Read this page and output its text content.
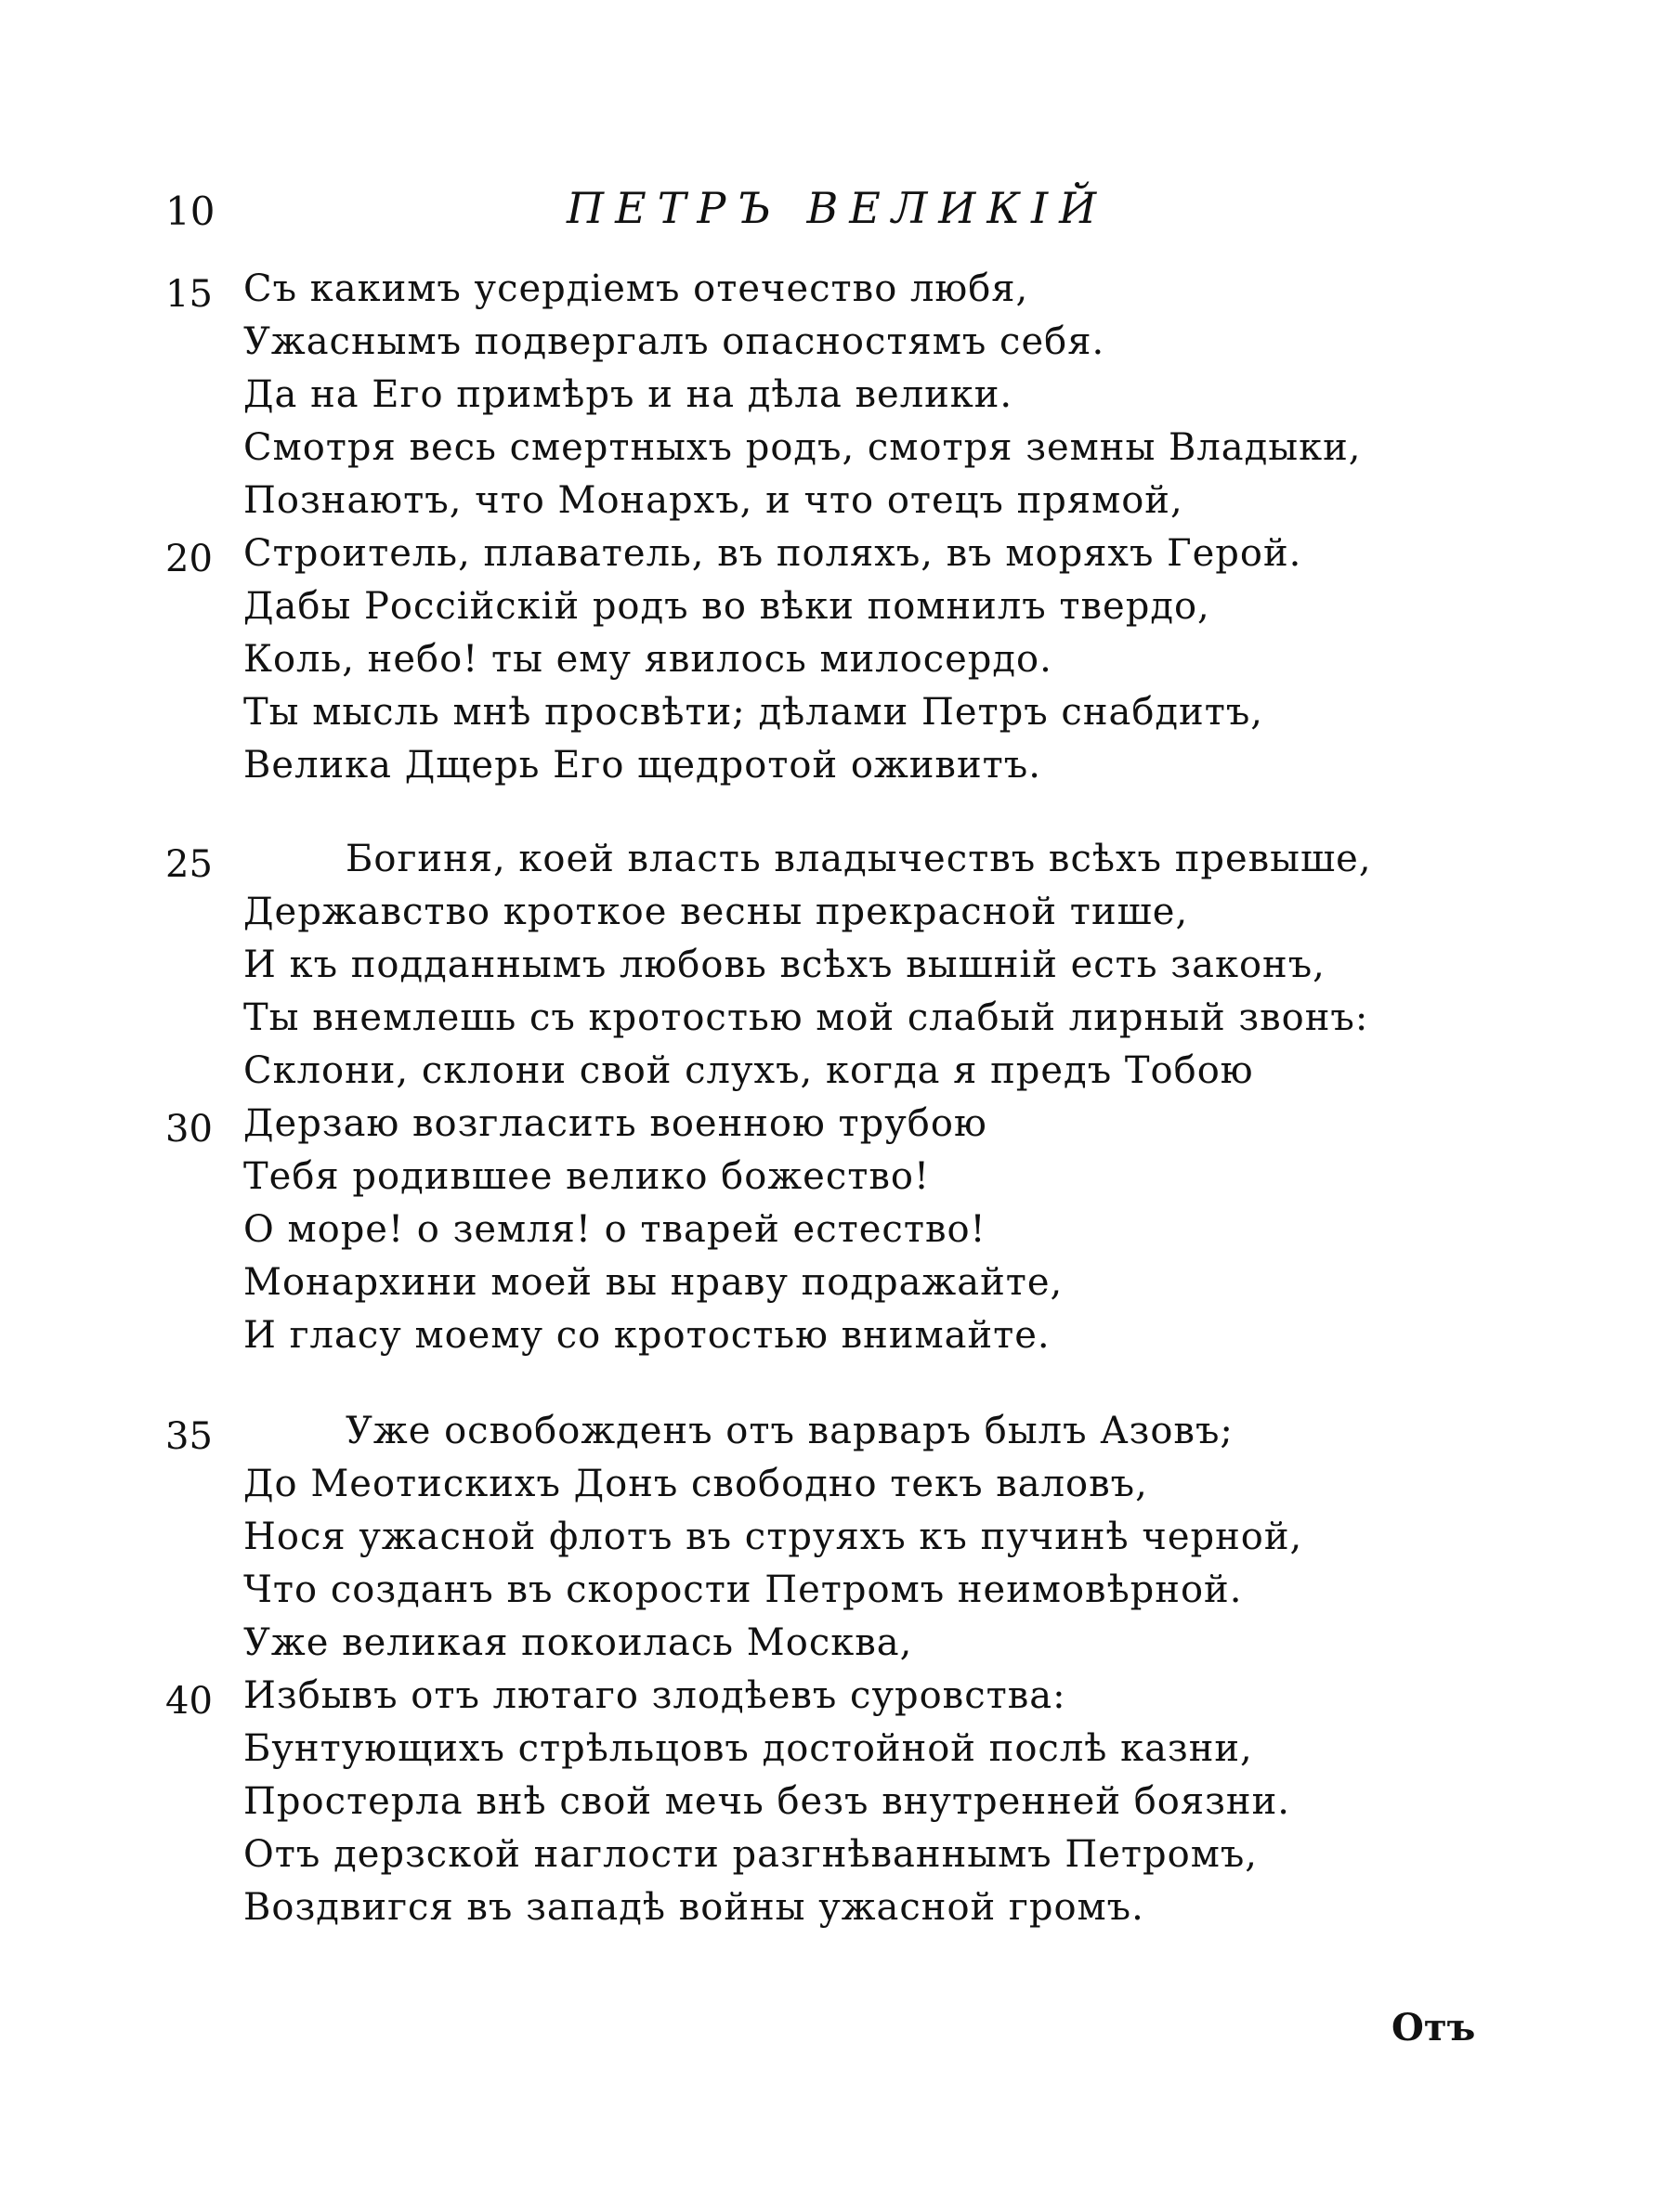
10	ПЕТРЪ ВЕЛИКІЙ
15 Съ какимъ усердіемъ отечество любя,
Ужаснымъ подвергалъ опасностямъ себя.
Да на Его примѣръ и на дѣла велики.
Смотря весь смертныхъ родъ, смотря земны Владыки,
Познаютъ, что Монархъ, и что отецъ прямой,
20 Строитель, плаватель, въ поляхъ, въ моряхъ Герой.
Дабы Россійскій родъ во вѣки помнилъ твердо,
Коль, небо! ты ему явилось милосердо.
Ты мысль мнѣ просвѣти; дѣлами Петръ снабдитъ,
Велика Дщерь Его щедротой оживитъ.
25	Богиня, коей власть владычествъ всѣхъ превыше,
Державство кроткое весны прекрасной тише,
И къ подданнымъ любовь всѣхъ вышній есть законъ,
Ты внемлешь съ кротостью мой слабый лирный звонъ:
Склони, склони свой слухъ, когда я предъ Тобою
30 Дерзаю возгласить военною трубою
Тебя родившее велико божество!
О море! о земля! о тварей естество!
Монархини моей вы нраву подражайте,
И гласу моему со кротостью внимайте.
35	Уже освобожденъ отъ варваръ былъ Азовъ;
До Меотискихъ Донъ свободно текъ валовъ,
Нося ужасной флотъ въ струяхъ къ пучинѣ черной,
Что созданъ въ скорости Петромъ неимовѣрной.
Уже великая покоилась Москва,
40 Избывъ отъ лютаго злодѣевъ суровства:
Бунтующихъ стрѣльцовъ достойной послѣ казни,
Простерла внѣ свой мечь безъ внутренней боязни.
Отъ дерзской наглости разгнѣваннымъ Петромъ,
Воздвигся въ западѣ войны ужасной громъ.
Отъ
